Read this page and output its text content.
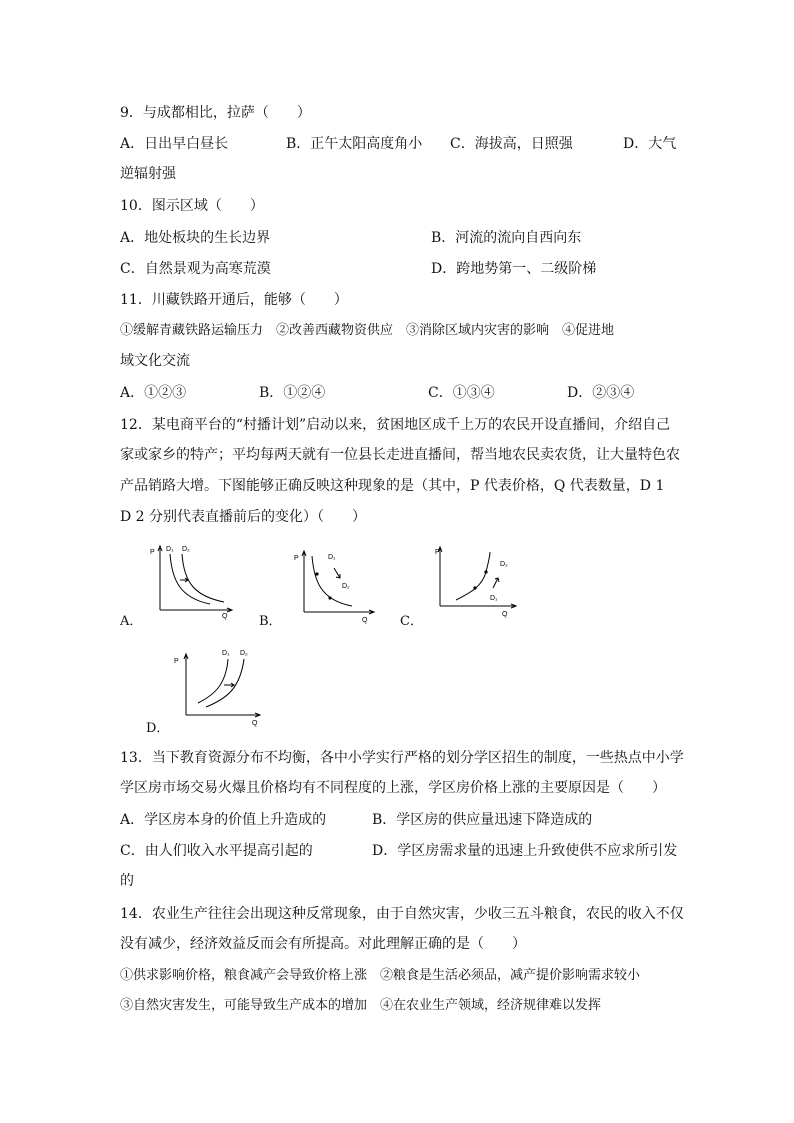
9．与成都相比，拉萨（　　）
A．日出早白昼长	B．正午太阳高度角小 C．海拔高，日照强	D．大气
逆辐射强
10．图示区域（　　）
A．地处板块的生长边界	B．河流的流向自西向东
C．自然景观为高寒荒漠	D．跨地势第一、二级阶梯
11．川藏铁路开通后，能够（　　）
①缓解青藏铁路运输压力　②改善西藏物资供应　③消除区域内灾害的影响　④促进地
域文化交流
A．①②③	B．①②④	C．①③④	D．②③④
12．某电商平台的“村播计划”启动以来，贫困地区成千上万的农民开设直播间，介绍自己
家或家乡的特产；平均每两天就有一位县长走进直播间，帮当地农民卖农货，让大量特色农
产品销路大增。下图能够正确反映这种现象的是（其中，P 代表价格，Q 代表数量，D 1
D 2 分别代表直播前后的变化）（　　）
P
Q
D₁ D₂
A．
P
Q
D₁
D₂
B．
P
Q
D₁
D₂
C．
P
Q
D₁ D₂
D．
13．当下教育资源分布不均衡，各中小学实行严格的划分学区招生的制度，一些热点中小学
学区房市场交易火爆且价格均有不同程度的上涨，学区房价格上涨的主要原因是（　　）
A．学区房本身的价值上升造成的	B．学区房的供应量迅速下降造成的
C．由人们收入水平提高引起的	D．学区房需求量的迅速上升致使供不应求所引发
的
14．农业生产往往会出现这种反常现象，由于自然灾害，少收三五斗粮食，农民的收入不仅
没有减少，经济效益反而会有所提高。对此理解正确的是（　　）
①供求影响价格，粮食减产会导致价格上涨　②粮食是生活必须品，减产提价影响需求较小
③自然灾害发生，可能导致生产成本的增加　④在农业生产领域，经济规律难以发挥
